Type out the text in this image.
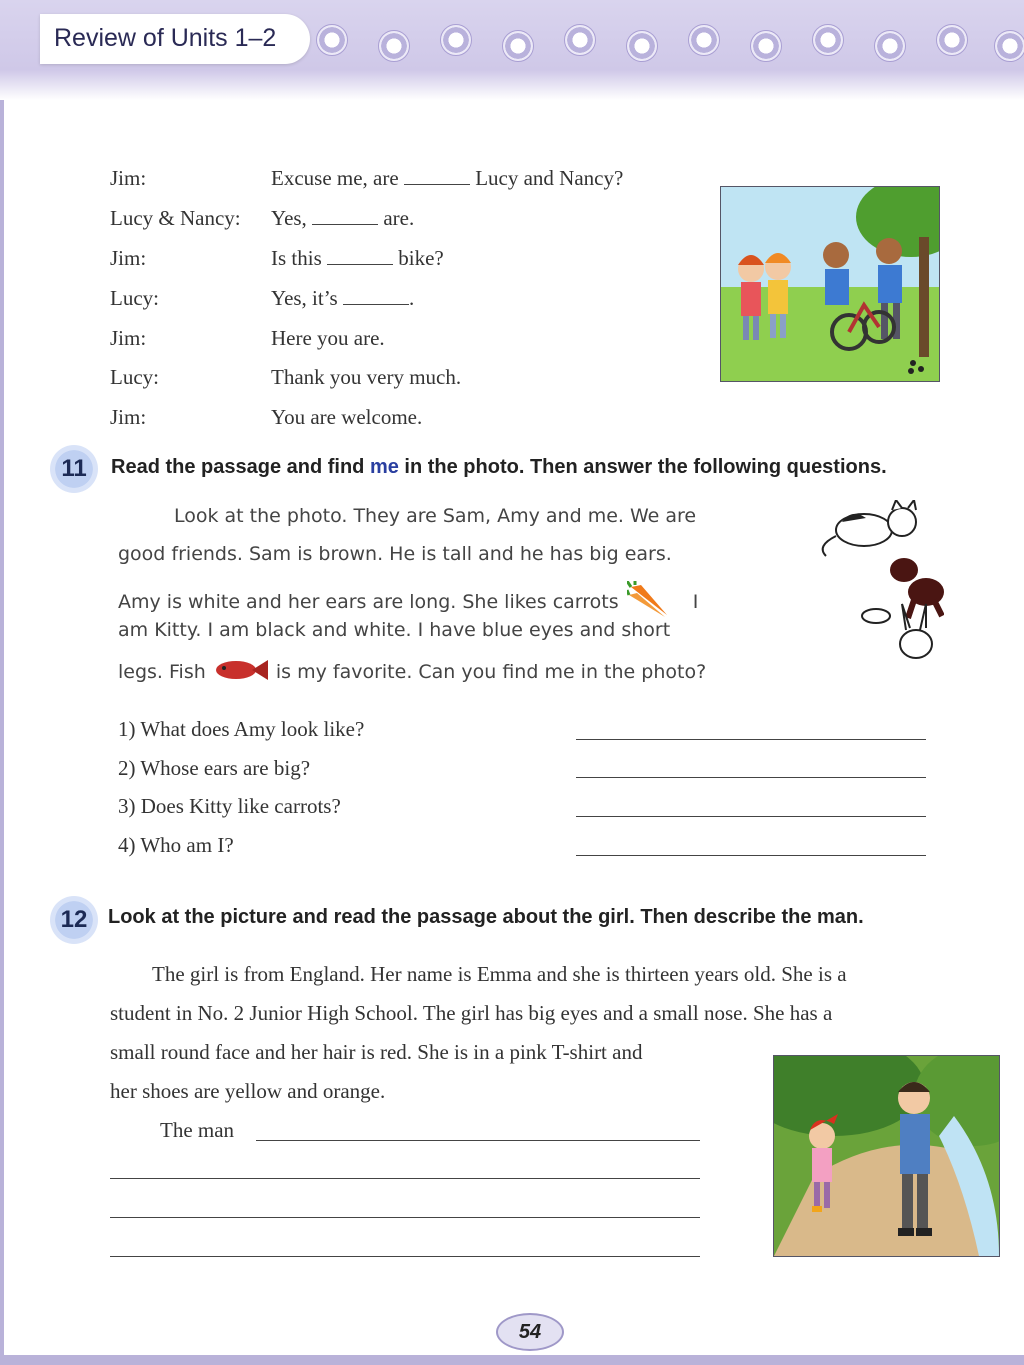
Review of Units 1–2
Jim:	Excuse me, are	Lucy and Nancy?
Lucy & Nancy: Yes,	are.
Jim:	Is this	bike?
Lucy:	Yes, it’s	.
Jim:	Here you are.
Lucy:	Thank you very much.
Jim:	You are welcome.
11	Read the passage and find me in the photo. Then answer the following questions.
Look at the photo. They are Sam, Amy and me. We are
good friends. Sam is brown. He is tall and he has big ears.
Amy is white and her ears are long. She likes carrots	I
am Kitty. I am black and white. I have blue eyes and short
legs. Fish	is my favorite. Can you find me in the photo?
1) What does Amy look like?
2) Whose ears are big?
3) Does Kitty like carrots?
4) Who am I?
12	Look at the picture and read the passage about the girl. Then describe the man.
The girl is from England. Her name is Emma and she is thirteen years old. She is a
student in No. 2 Junior High School. The girl has big eyes and a small nose. She has a
small round face and her hair is red. She is in a pink T-shirt and
her shoes are yellow and orange.
The man
54
